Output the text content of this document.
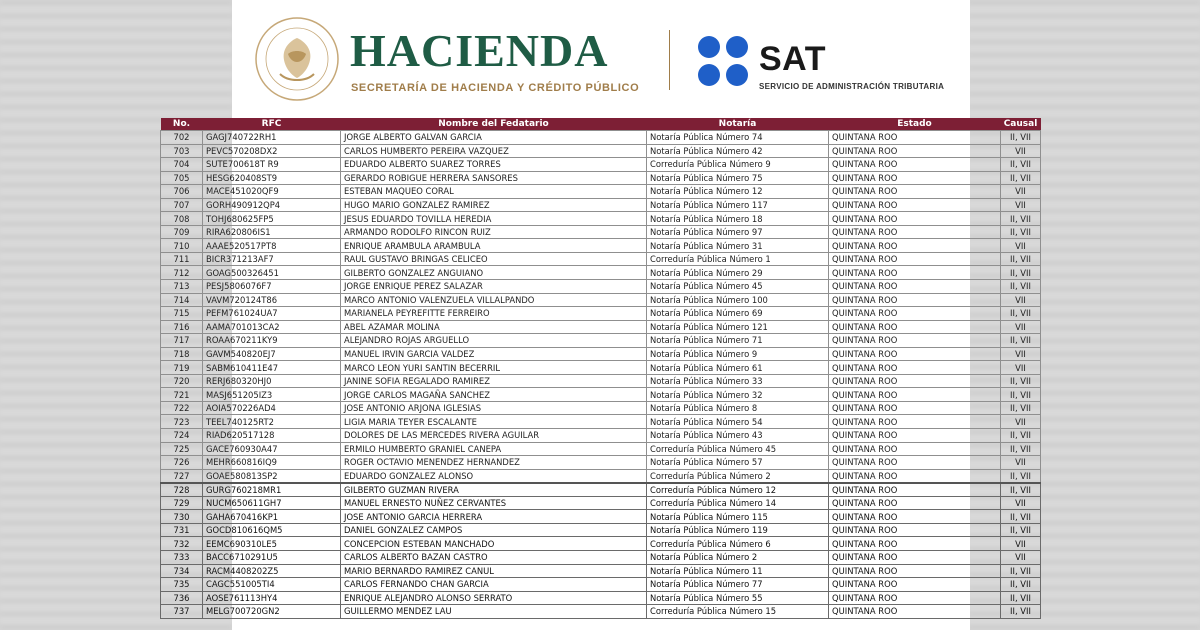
HACIENDA
SECRETARÍA DE HACIENDA Y CRÉDITO PÚBLICO
SAT
SERVICIO DE ADMINISTRACIÓN TRIBUTARIA
No.	RFC	Nombre del Fedatario	Notaría	Estado	Causal
702	GAGJ740722RH1	JORGE ALBERTO GALVAN GARCIA	Notaría Pública Número 74	QUINTANA ROO	II, VII
703	PEVC570208DX2	CARLOS HUMBERTO PEREIRA VAZQUEZ	Notaría Pública Número 42	QUINTANA ROO	VII
704	SUTE700618T R9	EDUARDO ALBERTO SUAREZ TORRES	Correduría Pública Número 9	QUINTANA ROO	II, VII
705	HESG620408ST9	GERARDO ROBIGUE HERRERA SANSORES	Notaría Pública Número 75	QUINTANA ROO	II, VII
706	MACE451020QF9	ESTEBAN MAQUEO CORAL	Notaría Pública Número 12	QUINTANA ROO	VII
707	GORH490912QP4	HUGO MARIO GONZALEZ RAMIREZ	Notaría Pública Número 117	QUINTANA ROO	VII
708	TOHJ680625FP5	JESUS EDUARDO TOVILLA HEREDIA	Notaría Pública Número 18	QUINTANA ROO	II, VII
709	RIRA620806IS1	ARMANDO RODOLFO RINCON RUIZ	Notaría Pública Número 97	QUINTANA ROO	II, VII
710	AAAE520517PT8	ENRIQUE ARAMBULA ARAMBULA	Notaría Pública Número 31	QUINTANA ROO	VII
711	BICR371213AF7	RAUL GUSTAVO BRINGAS CELICEO	Correduría Pública Número 1	QUINTANA ROO	II, VII
712	GOAG500326451	GILBERTO GONZALEZ ANGUIANO	Notaría Pública Número 29	QUINTANA ROO	II, VII
713	PESJ5806076F7	JORGE ENRIQUE PEREZ SALAZAR	Notaría Pública Número 45	QUINTANA ROO	II, VII
714	VAVM720124T86	MARCO ANTONIO VALENZUELA VILLALPANDO	Notaría Pública Número 100	QUINTANA ROO	VII
715	PEFM761024UA7	MARIANELA PEYREFITTE FERREIRO	Notaría Pública Número 69	QUINTANA ROO	II, VII
716	AAMA701013CA2	ABEL AZAMAR MOLINA	Notaría Pública Número 121	QUINTANA ROO	VII
717	ROAA670211KY9	ALEJANDRO ROJAS ARGUELLO	Notaría Pública Número 71	QUINTANA ROO	II, VII
718	GAVM540820EJ7	MANUEL IRVIN GARCIA VALDEZ	Notaría Pública Número 9	QUINTANA ROO	VII
719	SABM610411E47	MARCO LEON YURI SANTIN BECERRIL	Notaría Pública Número 61	QUINTANA ROO	VII
720	RERJ680320HJ0	JANINE SOFIA REGALADO RAMIREZ	Notaría Pública Número 33	QUINTANA ROO	II, VII
721	MASJ651205IZ3	JORGE CARLOS MAGAÑA SANCHEZ	Notaría Pública Número 32	QUINTANA ROO	II, VII
722	AOIA570226AD4	JOSE ANTONIO ARJONA IGLESIAS	Notaría Pública Número 8	QUINTANA ROO	II, VII
723	TEEL740125RT2	LIGIA MARIA TEYER ESCALANTE	Notaría Pública Número 54	QUINTANA ROO	VII
724	RIAD620517128	DOLORES DE LAS MERCEDES RIVERA AGUILAR	Notaría Pública Número 43	QUINTANA ROO	II, VII
725	GACE760930A47	ERMILO HUMBERTO GRANIEL CANEPA	Correduría Pública Número 45	QUINTANA ROO	II, VII
726	MEHR660816IQ9	ROGER OCTAVIO MENENDEZ HERNANDEZ	Notaría Pública Número 57	QUINTANA ROO	VII
727	GOAE580813SP2	EDUARDO GONZALEZ ALONSO	Correduría Pública Número 2	QUINTANA ROO	II, VII
728	GURG760218MR1	GILBERTO GUZMAN RIVERA	Correduría Pública Número 12	QUINTANA ROO	II, VII
729	NUCM650611GH7	MANUEL ERNESTO NUÑEZ CERVANTES	Correduría Pública Número 14	QUINTANA ROO	VII
730	GAHA670416KP1	JOSE ANTONIO GARCIA HERRERA	Notaría Pública Número 115	QUINTANA ROO	II, VII
731	GOCD810616QM5	DANIEL GONZALEZ CAMPOS	Notaría Pública Número 119	QUINTANA ROO	II, VII
732	EEMC690310LE5	CONCEPCION ESTEBAN MANCHADO	Correduría Pública Número 6	QUINTANA ROO	VII
733	BACC6710291U5	CARLOS ALBERTO BAZAN CASTRO	Notaría Pública Número 2	QUINTANA ROO	VII
734	RACM4408202Z5	MARIO BERNARDO RAMIREZ CANUL	Notaría Pública Número 11	QUINTANA ROO	II, VII
735	CAGC551005TI4	CARLOS FERNANDO CHAN GARCIA	Notaría Pública Número 77	QUINTANA ROO	II, VII
736	AOSE761113HY4	ENRIQUE ALEJANDRO ALONSO SERRATO	Notaría Pública Número 55	QUINTANA ROO	II, VII
737	MELG700720GN2	GUILLERMO MENDEZ LAU	Correduría Pública Número 15	QUINTANA ROO	II, VII
